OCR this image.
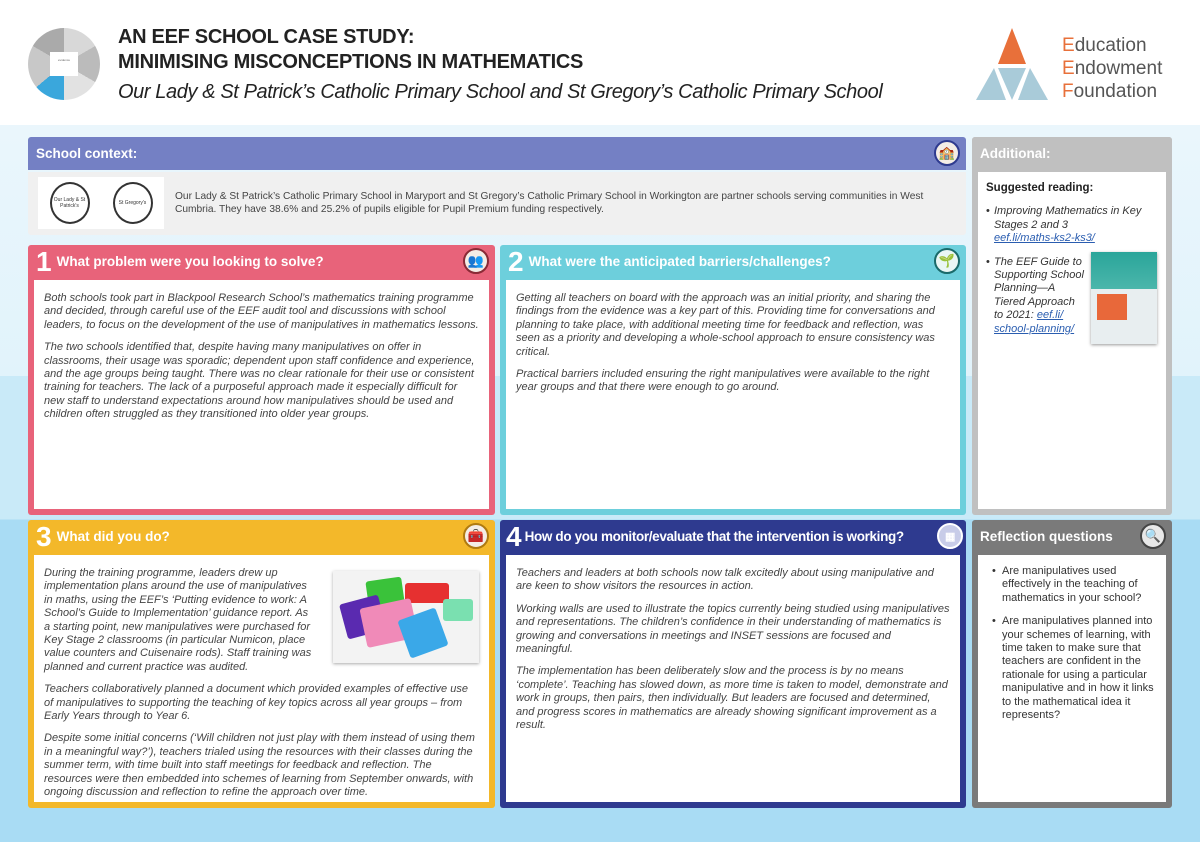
evidence
AN EEF SCHOOL CASE STUDY:
MINIMISING MISCONCEPTIONS IN MATHEMATICS
Our Lady & St Patrick’s Catholic Primary School and St Gregory’s Catholic Primary School
Education
Endowment
Foundation
School context:	🏫
Our Lady & St Patrick's	St Gregory's
Our Lady & St Patrick’s Catholic Primary School in Maryport and St Gregory’s Catholic Primary School in Workington are partner schools serving communities in West Cumbria. They have 38.6% and 25.2% of pupils eligible for Pupil Premium funding respectively.
Additional:
Suggested reading:
• Improving Mathematics in Key Stages 2 and 3
eef.li/maths-ks2-ks3/
• The EEF Guide to Supporting School Planning—A Tiered Approach to 2021: eef.li/ school-planning/
1 What problem were you looking to solve?	👥

Both schools took part in Blackpool Research School’s mathematics training programme and decided, through careful use of the EEF audit tool and discussions with school leaders, to focus on the development of the use of manipulatives in mathematics lessons.

The two schools identified that, despite having many manipulatives on offer in classrooms, their usage was sporadic; dependent upon staff confidence and experience, and the age groups being taught. There was no clear rationale for their use or consistent training for teachers. The lack of a purposeful approach made it especially difficult for new staff to understand expectations around how manipulatives should be used and children often struggled as they transitioned into older year groups.

2 What were the anticipated barriers/challenges?	🌱

Getting all teachers on board with the approach was an initial priority, and sharing the findings from the evidence was a key part of this. Providing time for conversations and planning to take place, with additional meeting time for feedback and reflection, was seen as a priority and developing a whole-school approach to ensure consistency was critical.

Practical barriers included ensuring the right manipulatives were available to the right year groups and that there were enough to go around.

3 What did you do?	🧰

During the training programme, leaders drew up implementation plans around the use of manipulatives in maths, using the EEF’s ‘Putting evidence to work: A School’s Guide to Implementation’ guidance report. As a starting point, new manipulatives were purchased for Key Stage 2 classrooms (in particular Numicon, place value counters and Cuisenaire rods). Staff training was planned and current practice was audited.

Teachers collaboratively planned a document which provided examples of effective use of manipulatives to supporting the teaching of key topics across all year groups – from Early Years through to Year 6.

Despite some initial concerns (‘Will children not just play with them instead of using them in a meaningful way?’), teachers trialed using the resources with their classes during the summer term, with time built into staff meetings for feedback and reflection. The resources were then embedded into schemes of learning from September onwards, with ongoing discussion and reflection to refine the approach over time.

4 How do you monitor/evaluate that the intervention is working?	▦

Teachers and leaders at both schools now talk excitedly about using manipulative and are keen to show visitors the resources in action.

Working walls are used to illustrate the topics currently being studied using manipulatives and representations. The children’s confidence in their understanding of mathematics is growing and conversations in meetings and INSET sessions are focused and meaningful.

The implementation has been deliberately slow and the process is by no means ‘complete’. Teaching has slowed down, as more time is taken to model, demonstrate and work in groups, then pairs, then individually. But leaders are focused and determined, and progress scores in mathematics are already showing significant improvement as a result.

Reflection questions	🔍
• Are manipulatives used effectively in the teaching of mathematics in your school?
• Are manipulatives planned into your schemes of learning, with time taken to make sure that teachers are confident in the rationale for using a particular manipulative and in how it links to the mathematical idea it represents?
